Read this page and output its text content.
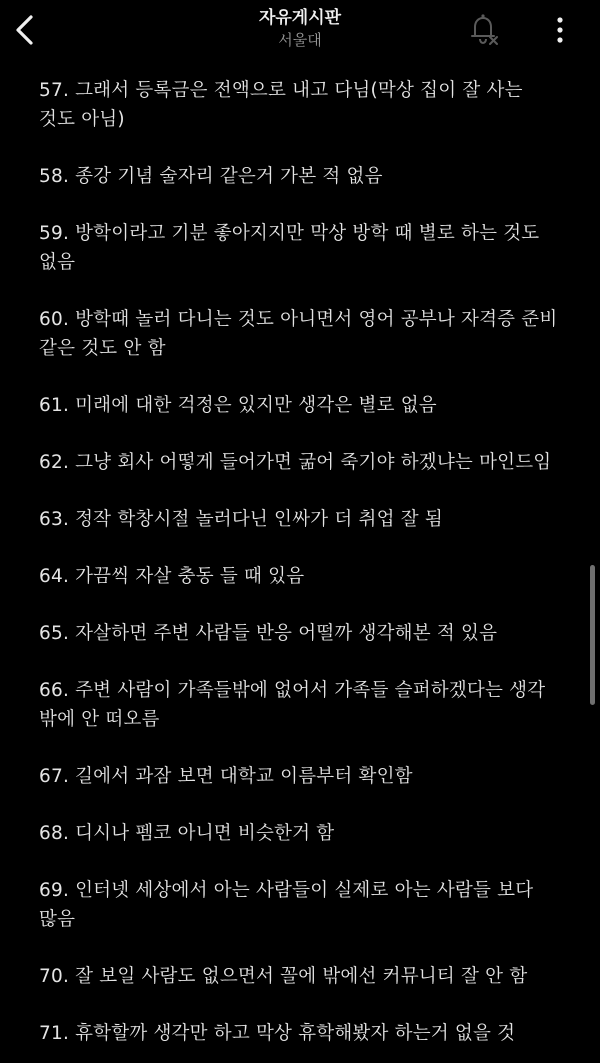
자유게시판
서울대
57. 그래서 등록금은 전액으로 내고 다님(막상 집이 잘 사는 것도 아님)
58. 종강 기념 술자리 같은거 가본 적 없음
59. 방학이라고 기분 좋아지지만 막상 방학 때 별로 하는 것도 없음
60. 방학때 놀러 다니는 것도 아니면서 영어 공부나 자격증 준비 같은 것도 안 함
61. 미래에 대한 걱정은 있지만 생각은 별로 없음
62. 그냥 회사 어떻게 들어가면 굶어 죽기야 하겠냐는 마인드임
63. 정작 학창시절 놀러다닌 인싸가 더 취업 잘 됨
64. 가끔씩 자살 충동 들 때 있음
65. 자살하면 주변 사람들 반응 어떨까 생각해본 적 있음
66. 주변 사람이 가족들밖에 없어서 가족들 슬퍼하겠다는 생각 밖에 안 떠오름
67. 길에서 과잠 보면 대학교 이름부터 확인함
68. 디시나 펨코 아니면 비슷한거 함
69. 인터넷 세상에서 아는 사람들이 실제로 아는 사람들 보다 많음
70. 잘 보일 사람도 없으면서 꼴에 밖에선 커뮤니티 잘 안 함
71. 휴학할까 생각만 하고 막상 휴학해봤자 하는거 없을 것
